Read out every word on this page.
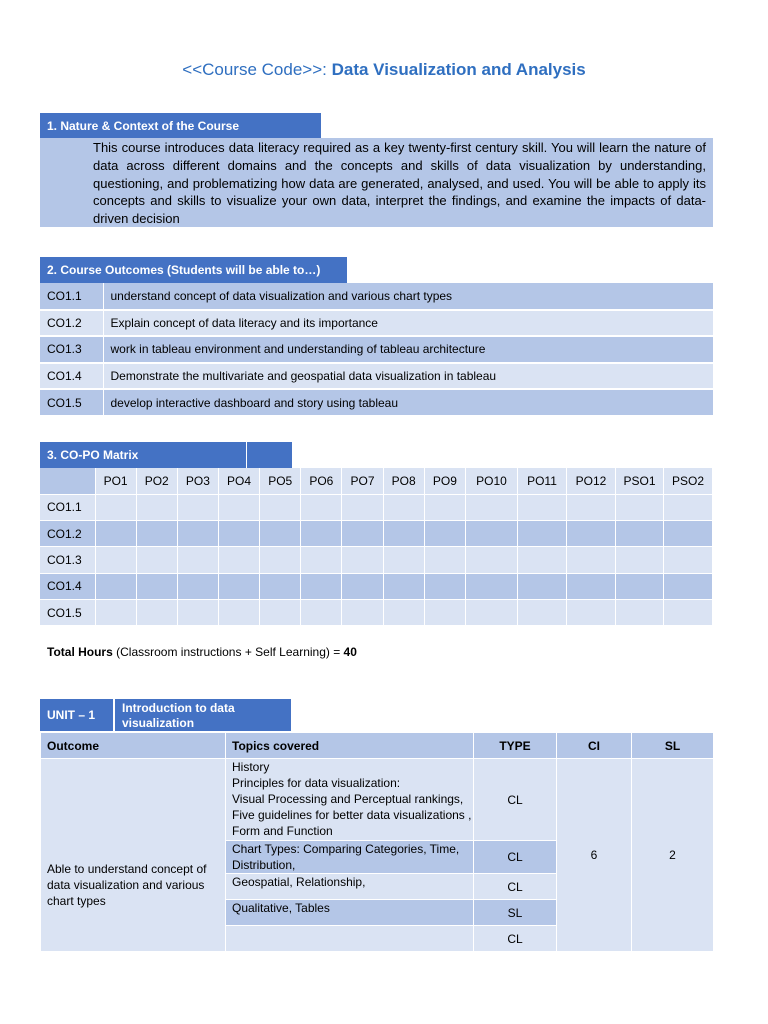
<<Course Code>>: Data Visualization and Analysis
1. Nature & Context of the Course
This course introduces data literacy required as a key twenty-first century skill. You will learn the nature of data across different domains and the concepts and skills of data visualization by understanding, questioning, and problematizing how data are generated, analysed, and used. You will be able to apply its concepts and skills to visualize your own data, interpret the findings, and examine the impacts of data-driven decision
2. Course Outcomes (Students will be able to…)
CO1.1	understand concept of data visualization and various chart types
CO1.2	Explain concept of data literacy and its importance
CO1.3	work in tableau environment and understanding of tableau architecture
CO1.4	Demonstrate the multivariate and geospatial data visualization in tableau
CO1.5	develop interactive dashboard and story using tableau
3. CO-PO Matrix
	PO1	PO2	PO3	PO4	PO5	PO6	PO7	PO8	PO9	PO10	PO11	PO12	PSO1	PSO2
CO1.1														
CO1.2														
CO1.3														
CO1.4														
CO1.5														
Total Hours (Classroom instructions + Self Learning) = 40
UNIT – 1
Introduction to data visualization
Outcome	Topics covered	TYPE	CI	SL
Able to understand concept of data visualization and various chart types	History
Principles for data visualization:
Visual Processing and Perceptual rankings, Five guidelines for better data visualizations , Form and Function	CL	6	2

	Chart Types: Comparing Categories, Time, Distribution,	CL		

	Geospatial, Relationship,	CL		

	Qualitative, Tables	SL		
		CL		
